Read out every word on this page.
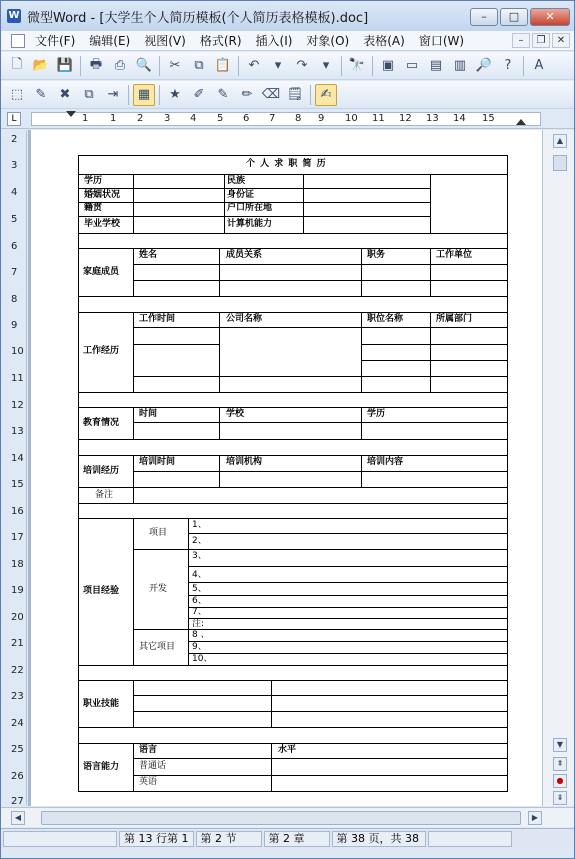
W 微型Word - [大学生个人简历模板(个人简历表格模板).doc]	–	□	✕
文件(F)	编辑(E)	视图(V)	格式(R)	插入(I)	对象(O)	表格(A)	窗口(W)	–	❐	✕
🗋 📂 💾	🖶 ⎙ 🔍	✂	⧉ 📋	↶	▾	↷	▾	🔭	▣ ▭ ▤ ▥ 🔎 ?	A
⬚ ✎	✖	⧉	⇥	▦	★ ✐	✎	✏ ⌫ 🗒	✍
L	1 1 2 3 4 5 6 7 8 9 10 11 12 13 14 15
2
3
4
5
6
7
8
9
10
11
12
13
14
15
16
17
18
19
20
21
22
23
24
25
26
27
个 人 求 职 简 历
学历	民族
婚姻状况	身份证
籍贯	户口所在地
毕业学校	计算机能力
家庭成员
姓名	成员关系	职务	工作单位
工作经历
工作时间	公司名称	职位名称	所属部门
教育情况
时间	学校	学历
培训经历
培训时间	培训机构	培训内容
备注
项目经验
项目
开发
其它项目
1、
2、
3、
4、
5、
6、
7、
注:
8 、
9、
10、
职业技能
语言能力
语言	水平
普通话
英语
▲
▼
⇞
●
⇟
◀	▶
第 13 行第 1	第 2 节	第 2 章	第 38 页，共 38
